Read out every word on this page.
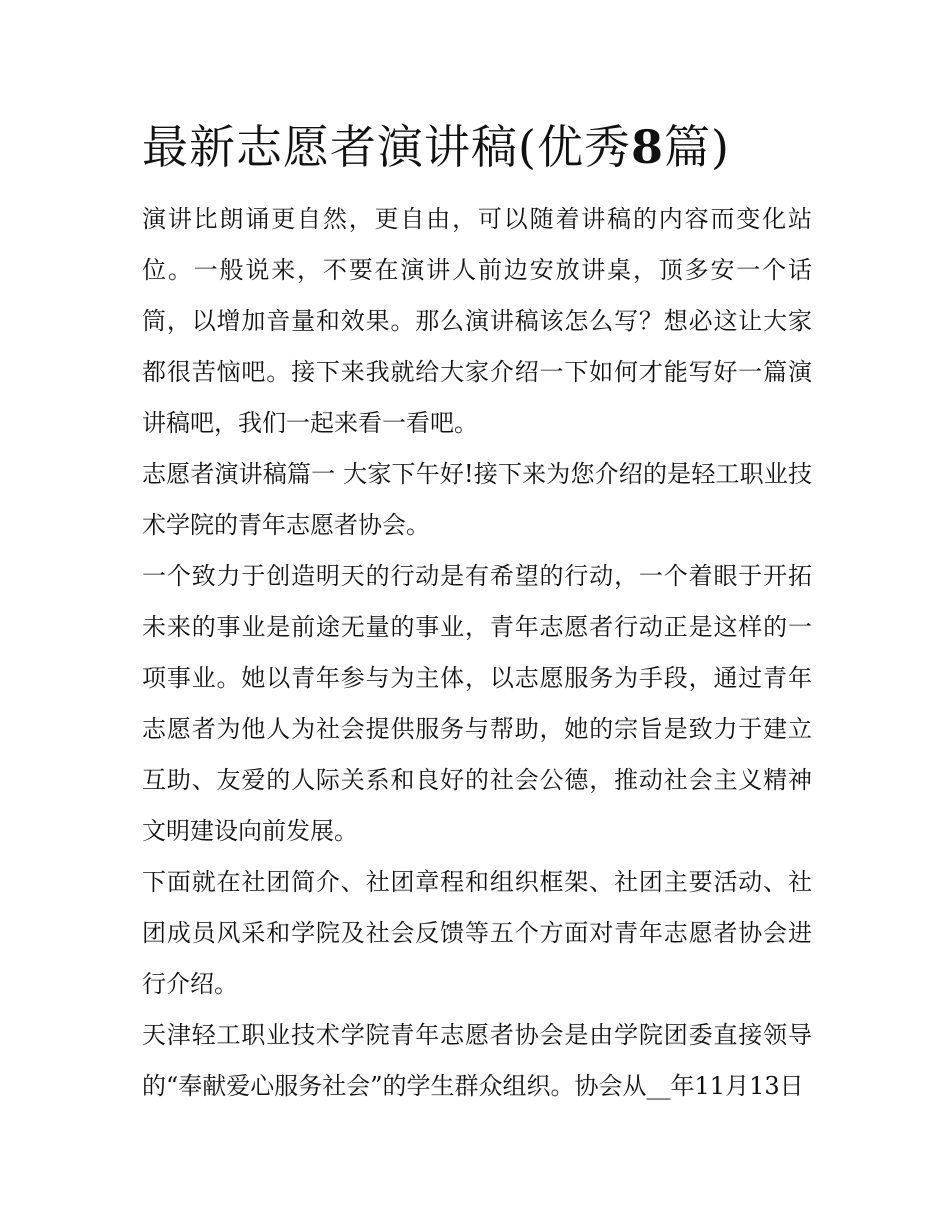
最新志愿者演讲稿(优秀8篇)

演讲比朗诵更自然，更自由，可以随着讲稿的内容而变化站位。一般说来，不要在演讲人前边安放讲桌，顶多安一个话筒，以增加音量和效果。那么演讲稿该怎么写？想必这让大家都很苦恼吧。接下来我就给大家介绍一下如何才能写好一篇演讲稿吧，我们一起来看一看吧。

志愿者演讲稿篇一 大家下午好!接下来为您介绍的是轻工职业技术学院的青年志愿者协会。

一个致力于创造明天的行动是有希望的行动，一个着眼于开拓未来的事业是前途无量的事业，青年志愿者行动正是这样的一项事业。她以青年参与为主体，以志愿服务为手段，通过青年志愿者为他人为社会提供服务与帮助，她的宗旨是致力于建立互助、友爱的人际关系和良好的社会公德，推动社会主义精神文明建设向前发展。

下面就在社团简介、社团章程和组织框架、社团主要活动、社团成员风采和学院及社会反馈等五个方面对青年志愿者协会进行介绍。

天津轻工职业技术学院青年志愿者协会是由学院团委直接领导的“奉献爱心服务社会”的学生群众组织。协会从__年11月13日
